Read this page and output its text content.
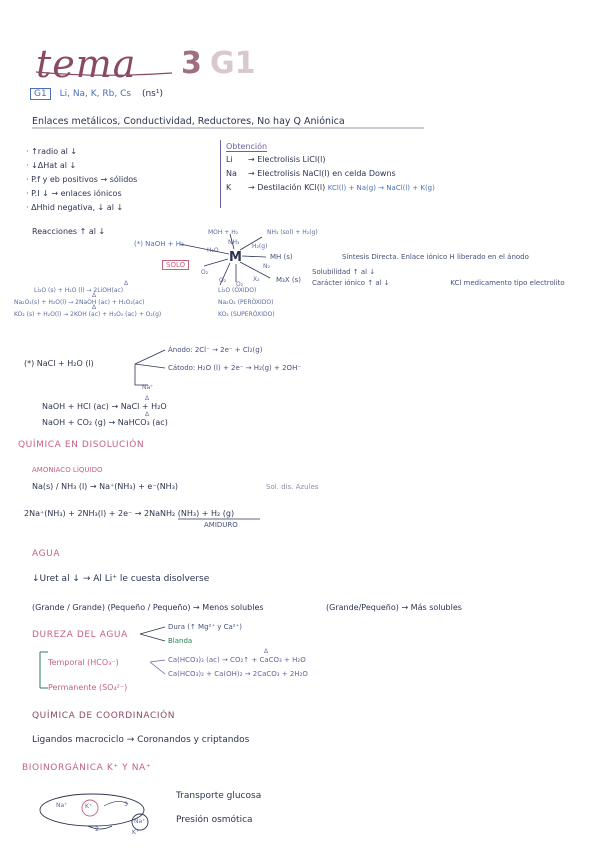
tema 3 G1
G1 Li, Na, K, Rb, Cs (ns¹)
Enlaces metálicos, Conductividad, Reductores, No hay Q Aniónica
· ↑radio al ↓
· ↓ΔHat al ↓
· P.f y eb positivos → sólidos
· P.I ↓ → enlaces iónicos
· ΔHhid negativa, ↓ al ↓
Obtención
Li → Electrolisis LiCl(l)
Na → Electrolisis NaCl(l) en celda Downs
K → Destilación KCl(l) KCl(l) + Na(g) → NaCl(l) + K(g)
Reacciones ↑ al ↓
(*) NaOH + H₂
MOH + H₂	NH₃ (sol) + H₂(g)
SOLO	M
H₂O
NH₃
H₂(g)
N₂
X₂
O₂
O₂
O₂
MH (s)	Síntesis Directa. Enlace iónico H liberado en el ánodo
M₃X (s)
Solubilidad ↑ al ↓
Carácter iónico ↑ al ↓	KCl medicamento tipo electrolito
Li₂O (s) + H₂O (l) → 2LiOH(ac)
Na₂O₂(s) + H₂O(l) → 2NaOH (ac) + H₂O₂(ac)
KO₂ (s) + H₂O(l) → 2KOH (ac) + H₂O₂ (ac) + O₂(g)
Li₂O (ÓXIDO)
Na₂O₂ (PERÓXIDO)
KO₂ (SUPERÓXIDO)
Δ
Δ
Δ
(*) NaCl + H₂O (l)
Ánodo: 2Cl⁻ → 2e⁻ + Cl₂(g)
Cátodo: H₂O (l) + 2e⁻ → H₂(g) + 2OH⁻
Na⁺
NaOH + HCl (ac) → NaCl + H₂O
NaOH + CO₂ (g) → NaHCO₃ (ac)
Δ
Δ
QUÍMICA EN DISOLUCIÓN
AMONÍACO LÍQUIDO
Na(s) / NH₃ (l) → Na⁺(NH₃) + e⁻(NH₃)	Sol. dis. Azules
2Na⁺(NH₃) + 2NH₃(l) + 2e⁻ → 2NaNH₂ (NH₃) + H₂ (g)
AMIDURO
AGUA
↓Uret al ↓ → Al Li⁺ le cuesta disolverse
(Grande / Grande) (Pequeño / Pequeño) → Menos solubles	(Grande/Pequeño) → Más solubles
DUREZA DEL AGUA
Dura (↑ Mg²⁺ y Ca²⁺)
Blanda
Temporal (HCO₃⁻)	Ca(HCO₃)₂ (ac) → CO₂↑ + CaCO₃ + H₂O
Ca(HCO₃)₂ + Ca(OH)₂ → 2CaCO₃ + 2H₂O
Δ
Permanente (SO₄²⁻)
QUÍMICA DE COORDINACIÓN
Ligandos macrociclo → Coronandos y criptandos
BIOINORGÁNICA K⁺ Y NA⁺
Na⁺	K⁺
Na⁺
K⁺
3
2
Transporte glucosa
Presión osmótica
